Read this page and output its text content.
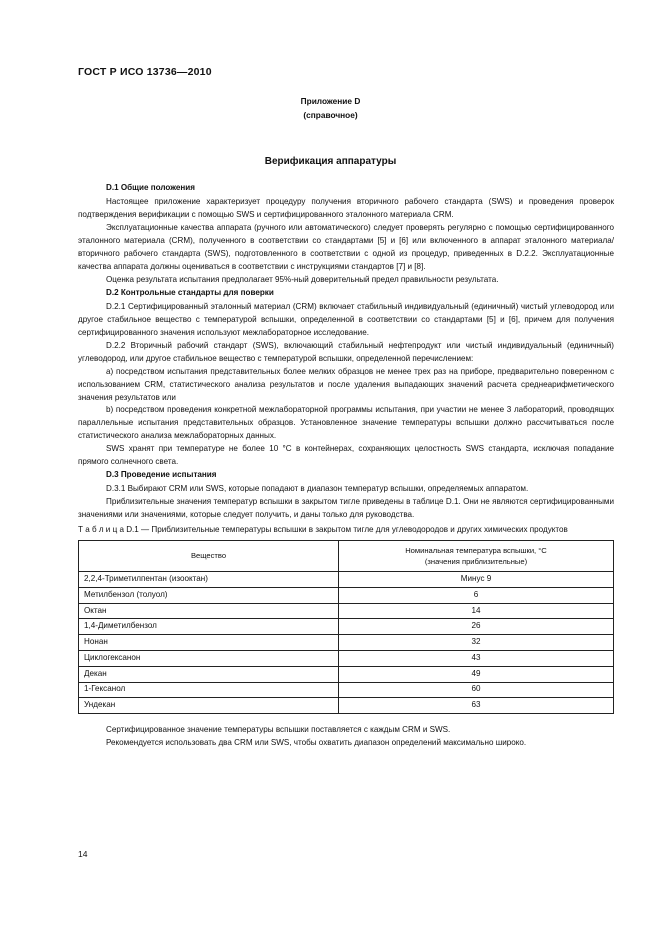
ГОСТ Р ИСО 13736—2010
Приложение D
(справочное)
Верификация аппаратуры
D.1 Общие положения

Настоящее приложение характеризует процедуру получения вторичного рабочего стандарта (SWS) и проведения проверок подтверждения верификации с помощью SWS и сертифицированного эталонного материала CRM.

Эксплуатационные качества аппарата (ручного или автоматического) следует проверять регулярно с помощью сертифицированного эталонного материала (CRM), полученного в соответствии со стандартами [5] и [6] или включенного в аппарат эталонного материала/вторичного рабочего стандарта (SWS), подготовленного в соответствии с одной из процедур, приведенных в D.2.2. Эксплуатационные качества аппарата должны оцениваться в соответствии с инструкциями стандартов [7] и [8].

Оценка результата испытания предполагает 95%-ный доверительный предел правильности результата.

D.2 Контрольные стандарты для поверки

D.2.1 Сертифицированный эталонный материал (CRM) включает стабильный индивидуальный (единичный) чистый углеводород или другое стабильное вещество с температурой вспышки, определенной в соответствии со стандартами [5] и [6], причем для получения сертифицированного значения используют межлабораторное исследование.

D.2.2 Вторичный рабочий стандарт (SWS), включающий стабильный нефтепродукт или чистый индивидуальный (единичный) углеводород, или другое стабильное вещество с температурой вспышки, определенной перечислением:

a) посредством испытания представительных более мелких образцов не менее трех раз на приборе, предварительно поверенном с использованием CRM, статистического анализа результатов и после удаления выпадающих значений расчета среднеарифметического значения результатов или

b) посредством проведения конкретной межлабораторной программы испытания, при участии не менее 3 лабораторий, проводящих параллельные испытания представительных образцов. Установленное значение температуры вспышки должно рассчитываться после статистического анализа межлабораторных данных.

SWS хранят при температуре не более 10 °С в контейнерах, сохраняющих целостность SWS стандарта, исключая попадание прямого солнечного света.

D.3 Проведение испытания

D.3.1 Выбирают CRM или SWS, которые попадают в диапазон температур вспышки, определяемых аппаратом.

Приблизительные значения температур вспышки в закрытом тигле приведены в таблице D.1. Они не являются сертифицированными значениями или значениями, которые следует получить, и даны только для руководства.

Т а б л и ц а D.1 — Приблизительные температуры вспышки в закрытом тигле для углеводородов и других химических продуктов
Вещество	Номинальная температура вспышки, °С
(значения приблизительные)

2,2,4-Триметилпентан (изооктан)	Минус 9
Метилбензол (толуол)	6
Октан	14
1,4-Диметилбензол	26
Нонан	32
Циклогексанон	43
Декан	49
1-Гексанол	60
Ундекан	63

Сертифицированное значение температуры вспышки поставляется с каждым CRM и SWS.

Рекомендуется использовать два CRM или SWS, чтобы охватить диапазон определений максимально широко.

14
